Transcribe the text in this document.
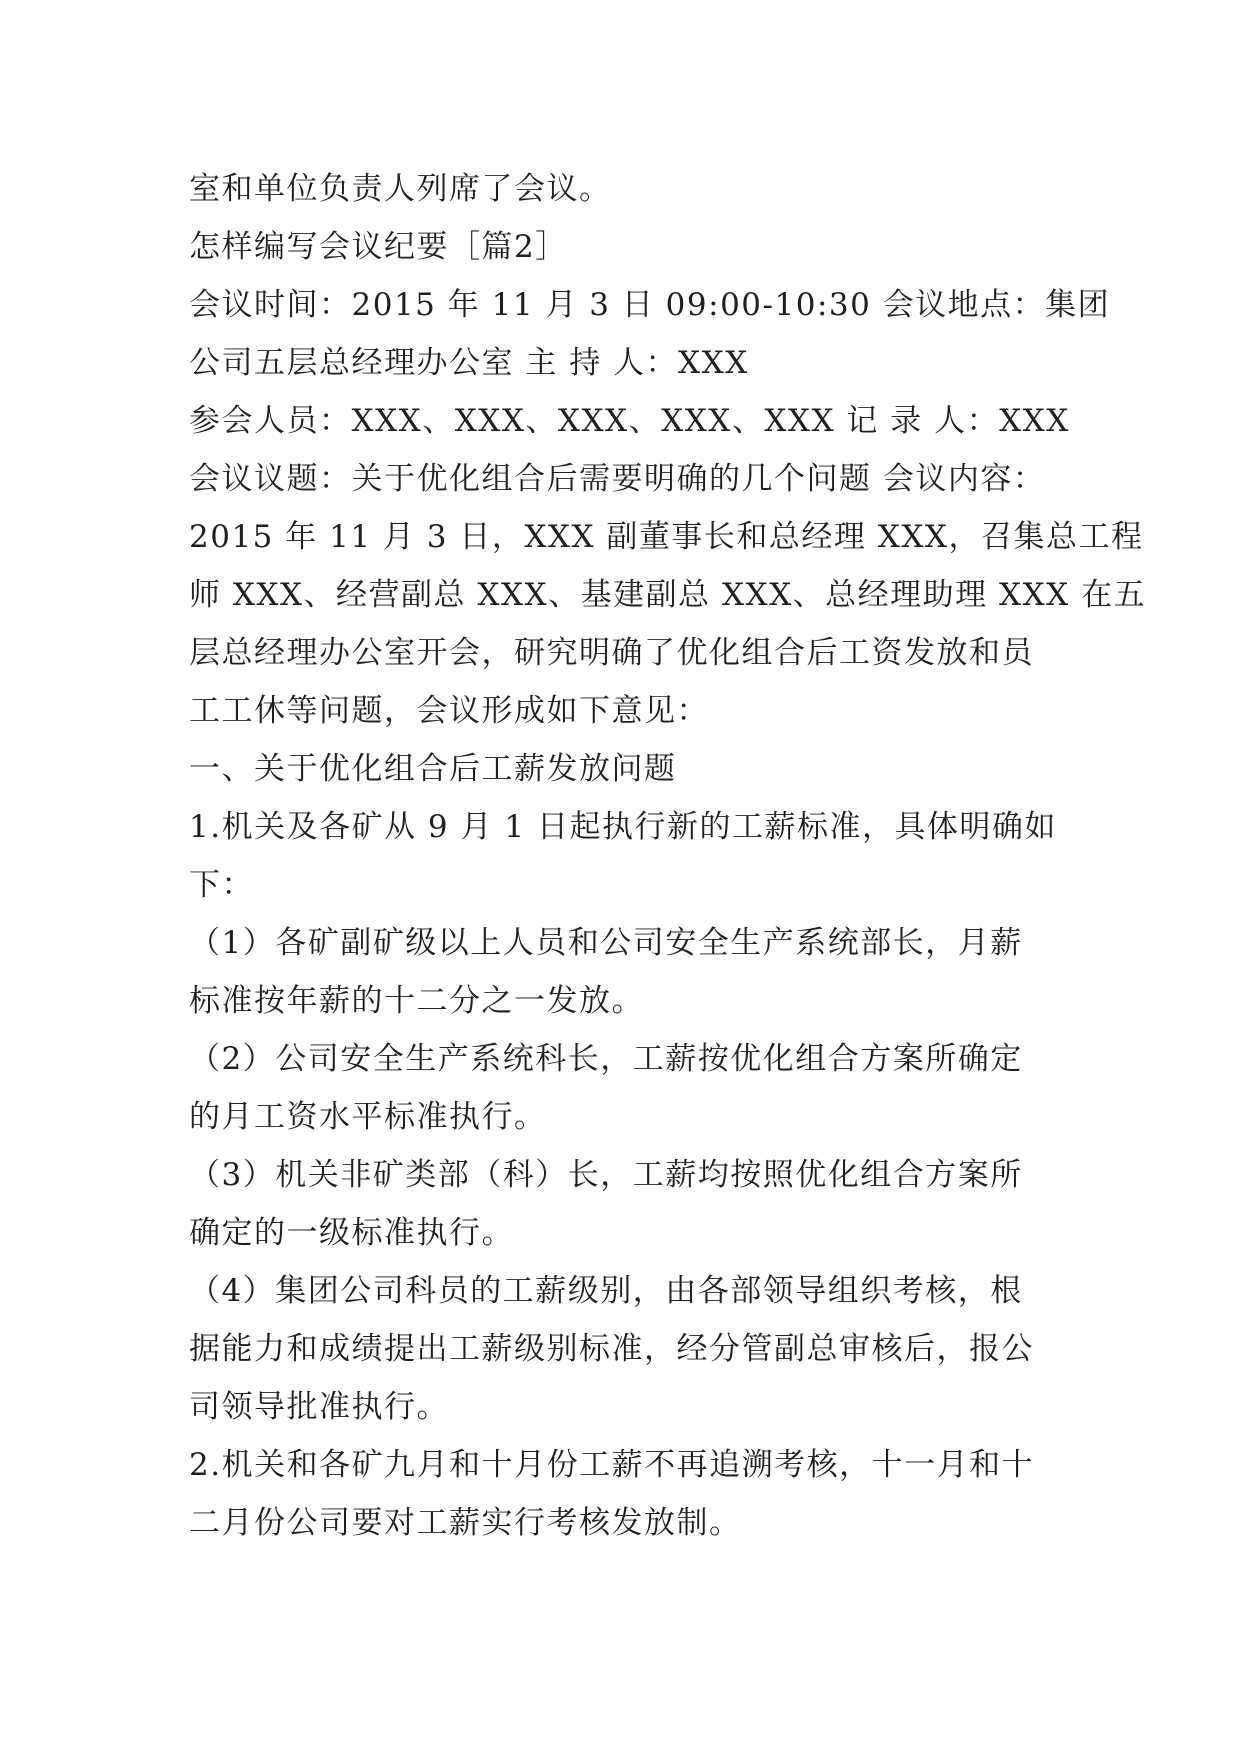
室和单位负责人列席了会议。

怎样编写会议纪要［篇2］

会议时间：2015 年 11 月 3 日 09:00-10:30 会议地点：集团

公司五层总经理办公室 主 持 人：XXX

参会人员：XXX、XXX、XXX、XXX、XXX 记 录 人：XXX

会议议题：关于优化组合后需要明确的几个问题 会议内容：

2015 年 11 月 3 日，XXX 副董事长和总经理 XXX，召集总工程

师 XXX、经营副总 XXX、基建副总 XXX、总经理助理 XXX 在五

层总经理办公室开会，研究明确了优化组合后工资发放和员

工工休等问题，会议形成如下意见：

一、关于优化组合后工薪发放问题

1.机关及各矿从 9 月 1 日起执行新的工薪标准，具体明确如

下：

（1）各矿副矿级以上人员和公司安全生产系统部长，月薪

标准按年薪的十二分之一发放。

（2）公司安全生产系统科长，工薪按优化组合方案所确定

的月工资水平标准执行。

（3）机关非矿类部（科）长，工薪均按照优化组合方案所

确定的一级标准执行。

（4）集团公司科员的工薪级别，由各部领导组织考核，根

据能力和成绩提出工薪级别标准，经分管副总审核后，报公

司领导批准执行。

2.机关和各矿九月和十月份工薪不再追溯考核，十一月和十

二月份公司要对工薪实行考核发放制。
